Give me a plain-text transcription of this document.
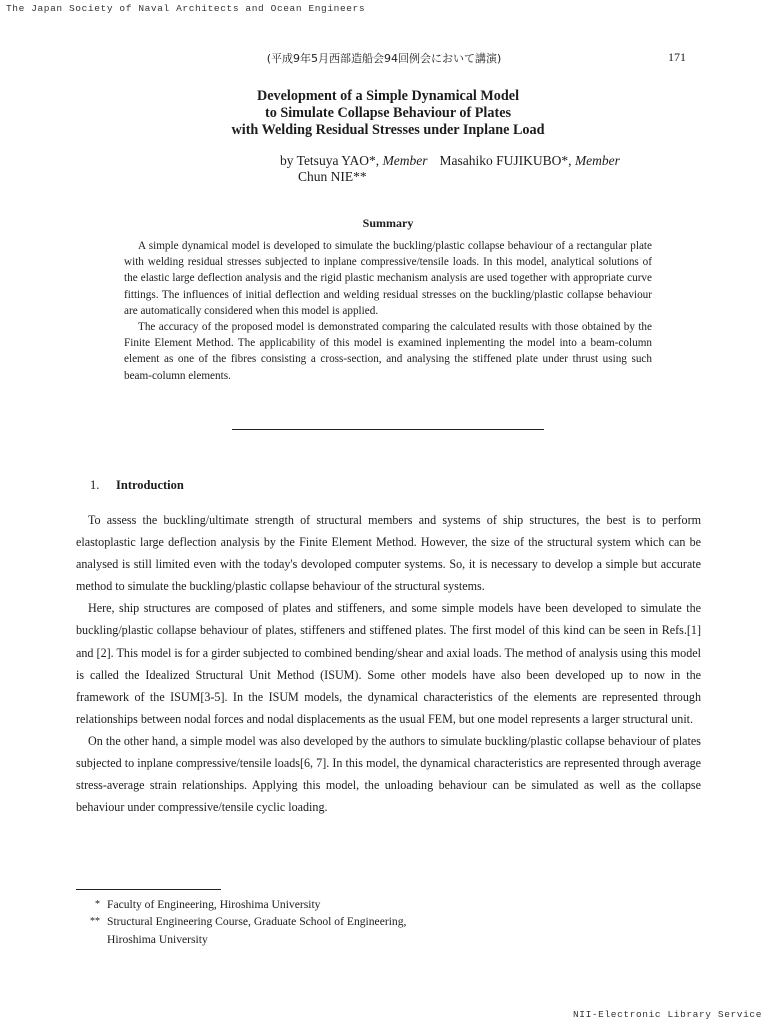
The Japan Society of Naval Architects and Ocean Engineers
(平成9年5月西部造船会94回例会において講演)	171
Development of a Simple Dynamical Model
to Simulate Collapse Behaviour of Plates
with Welding Residual Stresses under Inplane Load
by Tetsuya YAO*, Member Masahiko FUJIKUBO*, Member
Chun NIE**
Summary

A simple dynamical model is developed to simulate the buckling/plastic collapse behaviour of a rectangular plate with welding residual stresses subjected to inplane compressive/tensile loads. In this model, analytical solutions of the elastic large deflection analysis and the rigid plastic mechanism analysis are used together with appropriate curve fittings. The influences of initial deflection and welding residual stresses on the buckling/plastic collapse behaviour are automatically considered when this model is applied.

The accuracy of the proposed model is demonstrated comparing the calculated results with those obtained by the Finite Element Method. The applicability of this model is examined inplementing the model into a beam-column element as one of the fibres consisting a cross-section, and analysing the stiffened plate under thrust using such beam-column elements.

1. Introduction

To assess the buckling/ultimate strength of structural members and systems of ship structures, the best is to perform elastoplastic large deflection analysis by the Finite Element Method. However, the size of the structural system which can be analysed is still limited even with the today's devoloped computer systems. So, it is necessary to develop a simple but accurate method to simulate the buckling/plastic collapse behaviour of the structural systems.

Here, ship structures are composed of plates and stiffeners, and some simple models have been developed to simulate the buckling/plastic collapse behaviour of plates, stiffeners and stiffened plates. The first model of this kind can be seen in Refs.[1] and [2]. This model is for a girder subjected to combined bending/shear and axial loads. The method of analysis using this model is called the Idealized Structural Unit Method (ISUM). Some other models have also been developed up to now in the framework of the ISUM[3-5]. In the ISUM models, the dynamical characteristics of the elements are represented through relationships between nodal forces and nodal displacements as the usual FEM, but one model represents a larger structural unit.

On the other hand, a simple model was also developed by the authors to simulate buckling/plastic collapse behaviour of plates subjected to inplane compressive/tensile loads[6, 7]. In this model, the dynamical characteristics are represented through average stress-average strain relationships. Applying this model, the unloading behaviour can be simulated as well as the collapse behaviour under compressive/tensile cyclic loading.

* Faculty of Engineering, Hiroshima University
** Structural Engineering Course, Graduate School of Engineering,
Hiroshima University
NII-Electronic Library Service
